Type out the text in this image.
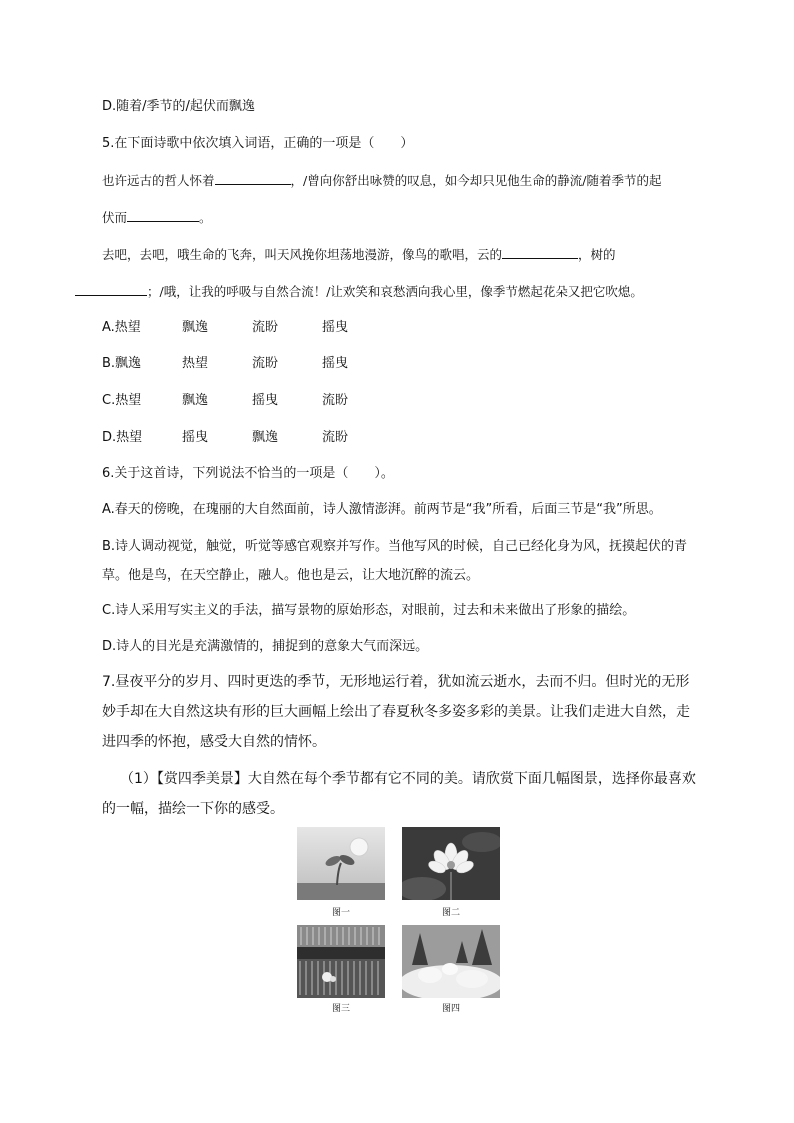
D.随着/季节的/起伏而飘逸
5.在下面诗歌中依次填入词语，正确的一项是（　　）
也许远古的哲人怀着	，/曾向你舒出咏赞的叹息，如今却只见他生命的静流/随着季节的起
伏而	。
去吧，去吧，哦生命的飞奔，叫天风挽你坦荡地漫游，像鸟的歌唱，云的	，树的
；/哦，让我的呼吸与自然合流！/让欢笑和哀愁洒向我心里，像季节燃起花朵又把它吹熄。
A.热望	飘逸	流盼	摇曳
B.飘逸	热望	流盼	摇曳
C.热望	飘逸	摇曳	流盼
D.热望	摇曳	飘逸	流盼
6.关于这首诗，下列说法不恰当的一项是（　　）。
A.春天的傍晚，在瑰丽的大自然面前，诗人激情澎湃。前两节是“我”所看，后面三节是“我”所思。
B.诗人调动视觉，触觉，听觉等感官观察并写作。当他写风的时候，自己已经化身为风，抚摸起伏的青草。他是鸟，在天空静止，融人。他也是云，让大地沉醉的流云。
C.诗人采用写实主义的手法，描写景物的原始形态，对眼前，过去和未来做出了形象的描绘。
D.诗人的目光是充满激情的，捕捉到的意象大气而深远。
7.昼夜平分的岁月、四时更迭的季节，无形地运行着，犹如流云逝水，去而不归。但时光的无形妙手却在大自然这块有形的巨大画幅上绘出了春夏秋冬多姿多彩的美景。让我们走进大自然，走进四季的怀抱，感受大自然的情怀。
（1）【赏四季美景】大自然在每个季节都有它不同的美。请欣赏下面几幅图景，选择你最喜欢的一幅，描绘一下你的感受。
图一	图二
图三	图四
